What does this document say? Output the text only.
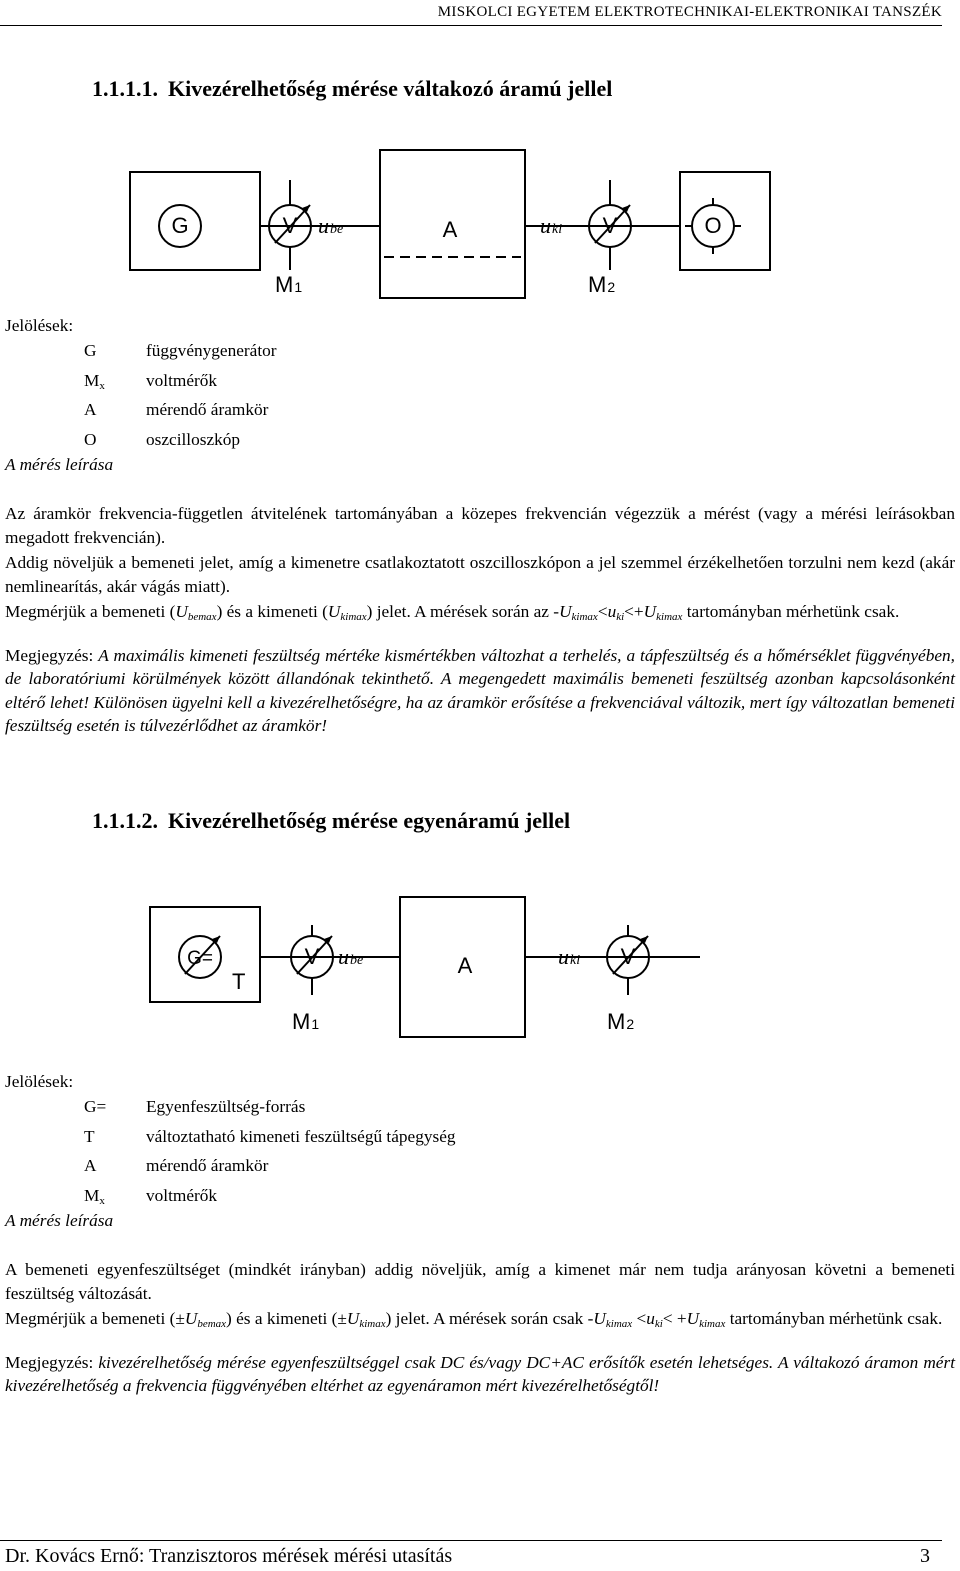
MISKOLCI EGYETEM ELEKTROTECHNIKAI-ELEKTRONIKAI TANSZÉK
1.1.1.1. Kivezérelhetőség mérése váltakozó áramú jellel
G	V	V	O
A
ube	uki
M1	M2
Jelölések:
G	függvénygenerátor
$M_x$	voltmérők
A	mérendő áramkör
O	oszcilloszkóp
A mérés leírása

Az áramkör frekvencia-független átvitelének tartományában a közepes frekvencián végezzük a mérést (vagy a mérési leírásokban megadott frekvencián).

Addig növeljük a bemeneti jelet, amíg a kimenetre csatlakoztatott oszcilloszkópon a jel szemmel érzékelhetően torzulni nem kezd (akár nemlinearítás, akár vágás miatt).

Megmérjük a bemeneti $(U_{bemax})$ és a kimeneti $(U_{kimax})$ jelet. A mérések során az $-U_{kimax}<u_{ki}<+U_{kimax}$ tartományban mérhetünk csak.

Megjegyzés: A maximális kimeneti feszültség mértéke kismértékben változhat a terhelés, a tápfeszültség és a hőmérséklet függvényében, de laboratóriumi körülmények között állandónak tekinthető. A megengedett maximális bemeneti feszültség azonban kapcsolásonként eltérő lehet! Különösen ügyelni kell a kivezérelhetőségre, ha az áramkör erősítése a frekvenciával változik, mert így változatlan bemeneti feszültség esetén is túlvezérlődhet az áramkör!

1.1.1.2. Kivezérelhetőség mérése egyenáramú jellel
G=
T
V	V
A
ube	uki
M1	M2
Jelölések:
G=	Egyenfeszültség-forrás
T	változtatható kimeneti feszültségű tápegység
A	mérendő áramkör
$M_x$	voltmérők
A mérés leírása

A bemeneti egyenfeszültséget (mindkét irányban) addig növeljük, amíg a kimenet már nem tudja arányosan követni a bemeneti feszültség változását.

Megmérjük a bemeneti $(\pm U_{bemax})$ és a kimeneti $(\pm U_{kimax})$ jelet. A mérések során csak $-U_{kimax} <u_{ki}< +U_{kimax}$ tartományban mérhetünk csak.

Megjegyzés: kivezérelhetőség mérése egyenfeszültséggel csak DC és/vagy DC+AC erősítők esetén lehetséges. A váltakozó áramon mért kivezérelhetőség a frekvencia függvényében eltérhet az egyenáramon mért kivezérelhetőségtől!

Dr. Kovács Ernő: Tranzisztoros mérések mérési utasítás	3
